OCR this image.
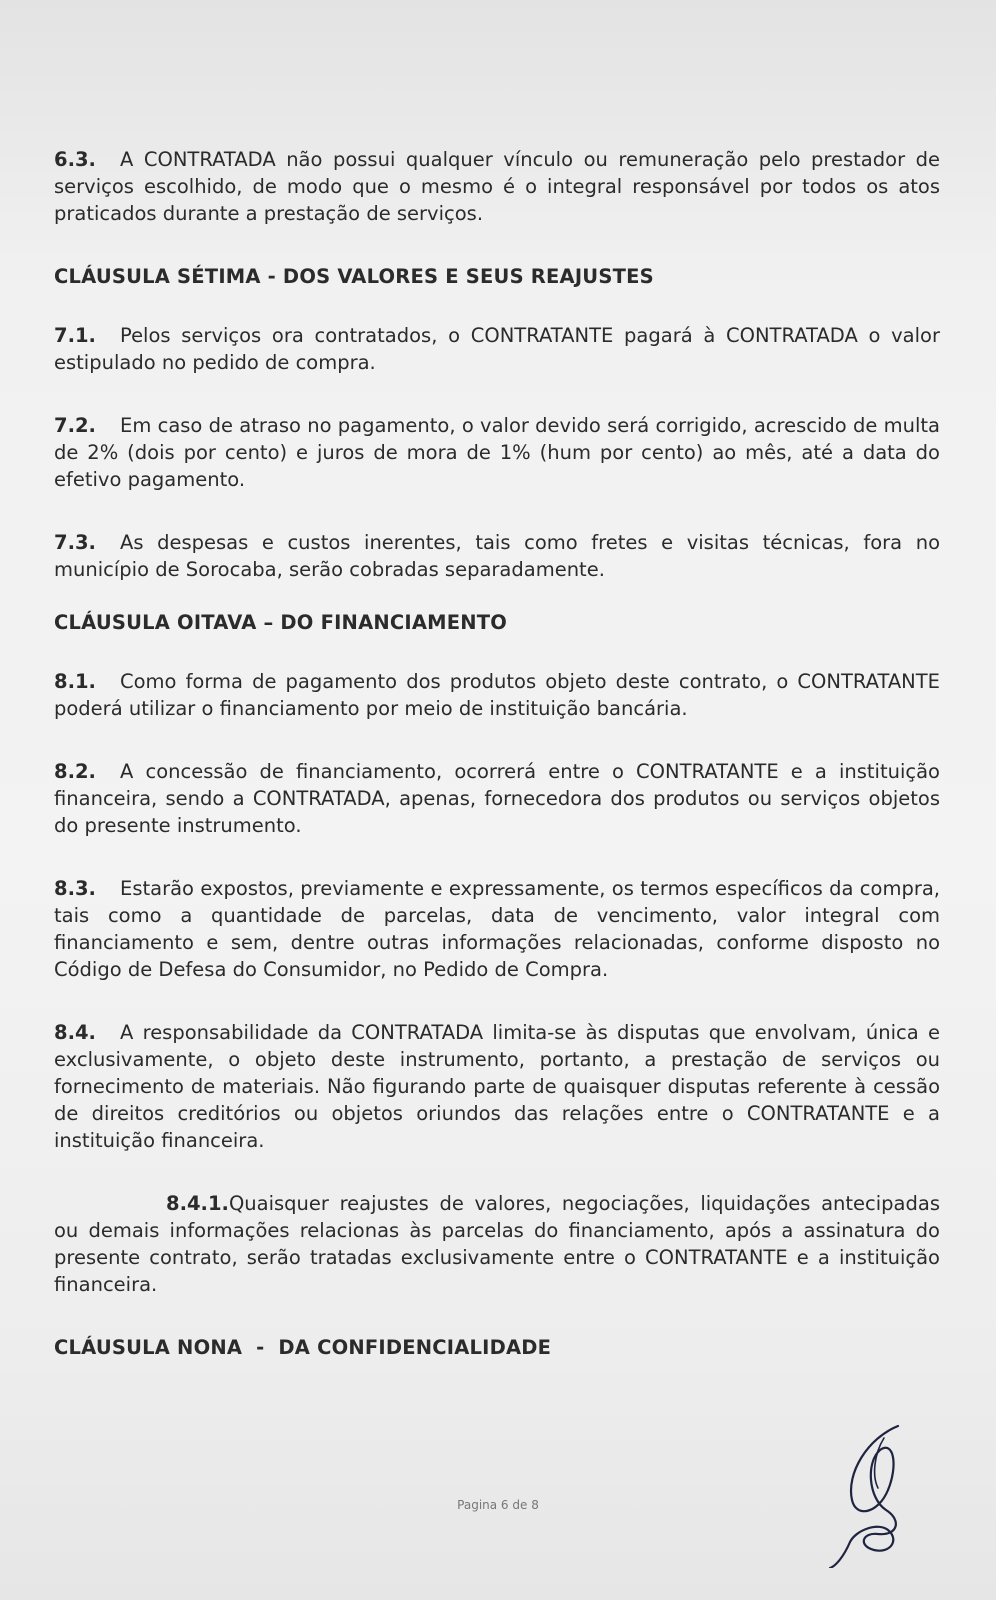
6.3. A CONTRATADA não possui qualquer vínculo ou remuneração pelo prestador de serviços escolhido, de modo que o mesmo é o integral responsável por todos os atos praticados durante a prestação de serviços.

CLÁUSULA SÉTIMA - DOS VALORES E SEUS REAJUSTES

7.1. Pelos serviços ora contratados, o CONTRATANTE pagará à CONTRATADA o valor estipulado no pedido de compra.

7.2. Em caso de atraso no pagamento, o valor devido será corrigido, acrescido de multa de 2% (dois por cento) e juros de mora de 1% (hum por cento) ao mês, até a data do efetivo pagamento.

7.3. As despesas e custos inerentes, tais como fretes e visitas técnicas, fora no município de Sorocaba, serão cobradas separadamente.

CLÁUSULA OITAVA – DO FINANCIAMENTO

8.1. Como forma de pagamento dos produtos objeto deste contrato, o CONTRATANTE poderá utilizar o financiamento por meio de instituição bancária.

8.2. A concessão de financiamento, ocorrerá entre o CONTRATANTE e a instituição financeira, sendo a CONTRATADA, apenas, fornecedora dos produtos ou serviços objetos do presente instrumento.

8.3. Estarão expostos, previamente e expressamente, os termos específicos da compra, tais como a quantidade de parcelas, data de vencimento, valor integral com financiamento e sem, dentre outras informações relacionadas, conforme disposto no Código de Defesa do Consumidor, no Pedido de Compra.

8.4. A responsabilidade da CONTRATADA limita-se às disputas que envolvam, única e exclusivamente, o objeto deste instrumento, portanto, a prestação de serviços ou fornecimento de materiais. Não figurando parte de quaisquer disputas referente à cessão de direitos creditórios ou objetos oriundos das relações entre o CONTRATANTE e a instituição financeira.

8.4.1.Quaisquer reajustes de valores, negociações, liquidações antecipadas ou demais informações relacionas às parcelas do financiamento, após a assinatura do presente contrato, serão tratadas exclusivamente entre o CONTRATANTE e a instituição financeira.

CLÁUSULA NONA  -  DA CONFIDENCIALIDADE
Pagina 6 de 8
